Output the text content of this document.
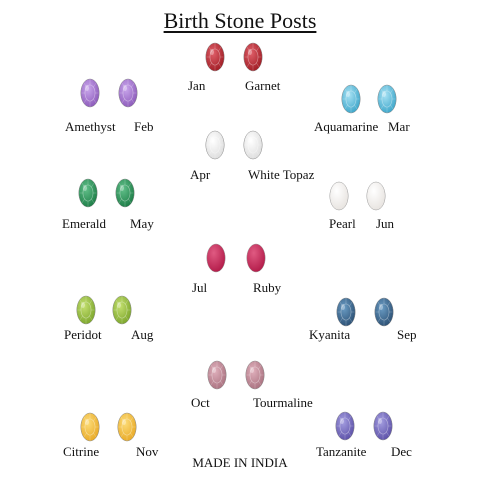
Birth Stone Posts
Jan	Garnet
Amethyst Feb	Aquamarine Mar
Apr	White Topaz
Emerald May	Pearl Jun
Jul	Ruby
Peridot Aug	Kyanita	Sep
Oct	Tourmaline
Citrine	Nov	Tanzanite Dec
MADE IN INDIA
